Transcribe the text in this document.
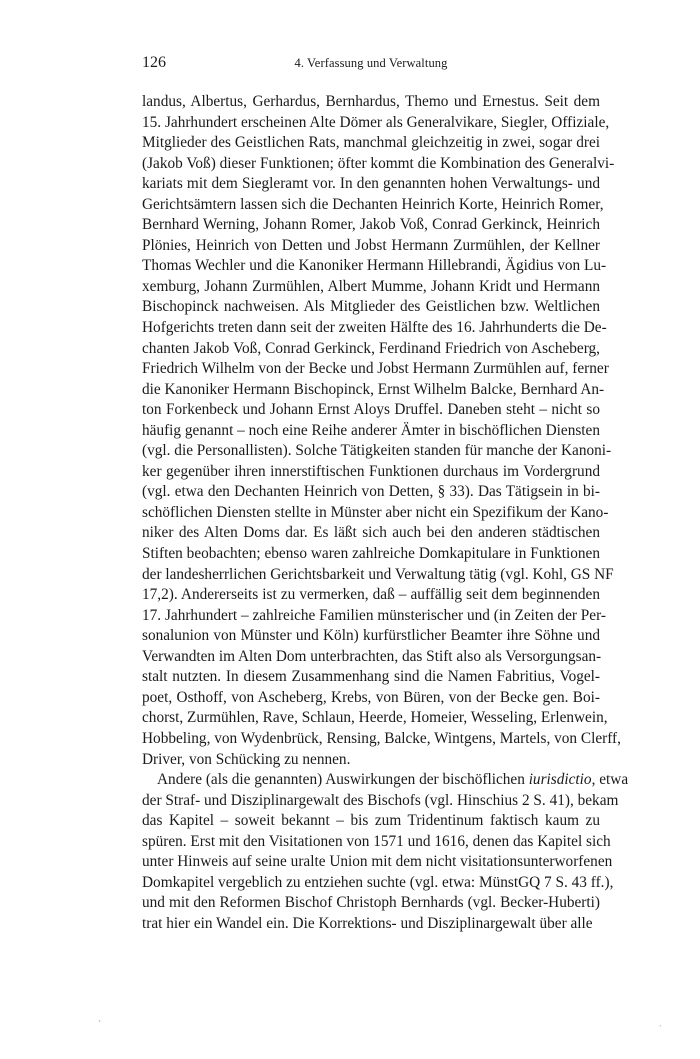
126	4. Verfassung und Verwaltung
landus, Albertus, Gerhardus, Bernhardus, Themo und Ernestus. Seit dem
15. Jahrhundert erscheinen Alte Dömer als Generalvikare, Siegler, Offiziale,
Mitglieder des Geistlichen Rats, manchmal gleichzeitig in zwei, sogar drei
(Jakob Voß) dieser Funktionen; öfter kommt die Kombination des Generalvi-
kariats mit dem Siegleramt vor. In den genannten hohen Verwaltungs- und
Gerichtsämtern lassen sich die Dechanten Heinrich Korte, Heinrich Romer,
Bernhard Werning, Johann Romer, Jakob Voß, Conrad Gerkinck, Heinrich
Plönies, Heinrich von Detten und Jobst Hermann Zurmühlen, der Kellner
Thomas Wechler und die Kanoniker Hermann Hillebrandi, Ägidius von Lu-
xemburg, Johann Zurmühlen, Albert Mumme, Johann Kridt und Hermann
Bischopinck nachweisen. Als Mitglieder des Geistlichen bzw. Weltlichen
Hofgerichts treten dann seit der zweiten Hälfte des 16. Jahrhunderts die De-
chanten Jakob Voß, Conrad Gerkinck, Ferdinand Friedrich von Ascheberg,
Friedrich Wilhelm von der Becke und Jobst Hermann Zurmühlen auf, ferner
die Kanoniker Hermann Bischopinck, Ernst Wilhelm Balcke, Bernhard An-
ton Forkenbeck und Johann Ernst Aloys Druffel. Daneben steht – nicht so
häufig genannt – noch eine Reihe anderer Ämter in bischöflichen Diensten
(vgl. die Personallisten). Solche Tätigkeiten standen für manche der Kanoni-
ker gegenüber ihren innerstiftischen Funktionen durchaus im Vordergrund
(vgl. etwa den Dechanten Heinrich von Detten, § 33). Das Tätigsein in bi-
schöflichen Diensten stellte in Münster aber nicht ein Spezifikum der Kano-
niker des Alten Doms dar. Es läßt sich auch bei den anderen städtischen
Stiften beobachten; ebenso waren zahlreiche Domkapitulare in Funktionen
der landesherrlichen Gerichtsbarkeit und Verwaltung tätig (vgl. Kohl, GS NF
17,2). Andererseits ist zu vermerken, daß – auffällig seit dem beginnenden
17. Jahrhundert – zahlreiche Familien münsterischer und (in Zeiten der Per-
sonalunion von Münster und Köln) kurfürstlicher Beamter ihre Söhne und
Verwandten im Alten Dom unterbrachten, das Stift also als Versorgungsan-
stalt nutzten. In diesem Zusammenhang sind die Namen Fabritius, Vogel-
poet, Osthoff, von Ascheberg, Krebs, von Büren, von der Becke gen. Boi-
chorst, Zurmühlen, Rave, Schlaun, Heerde, Homeier, Wesseling, Erlenwein,
Hobbeling, von Wydenbrück, Rensing, Balcke, Wintgens, Martels, von Clerff,
Driver, von Schücking zu nennen.
Andere (als die genannten) Auswirkungen der bischöflichen iurisdictio, etwa
der Straf- und Disziplinargewalt des Bischofs (vgl. Hinschius 2 S. 41), bekam
das Kapitel – soweit bekannt – bis zum Tridentinum faktisch kaum zu
spüren. Erst mit den Visitationen von 1571 und 1616, denen das Kapitel sich
unter Hinweis auf seine uralte Union mit dem nicht visitationsunterworfenen
Domkapitel vergeblich zu entziehen suchte (vgl. etwa: MünstGQ 7 S. 43 ff.),
und mit den Reformen Bischof Christoph Bernhards (vgl. Becker-Huberti)
trat hier ein Wandel ein. Die Korrektions- und Disziplinargewalt über alle
ˏ
ˑ
